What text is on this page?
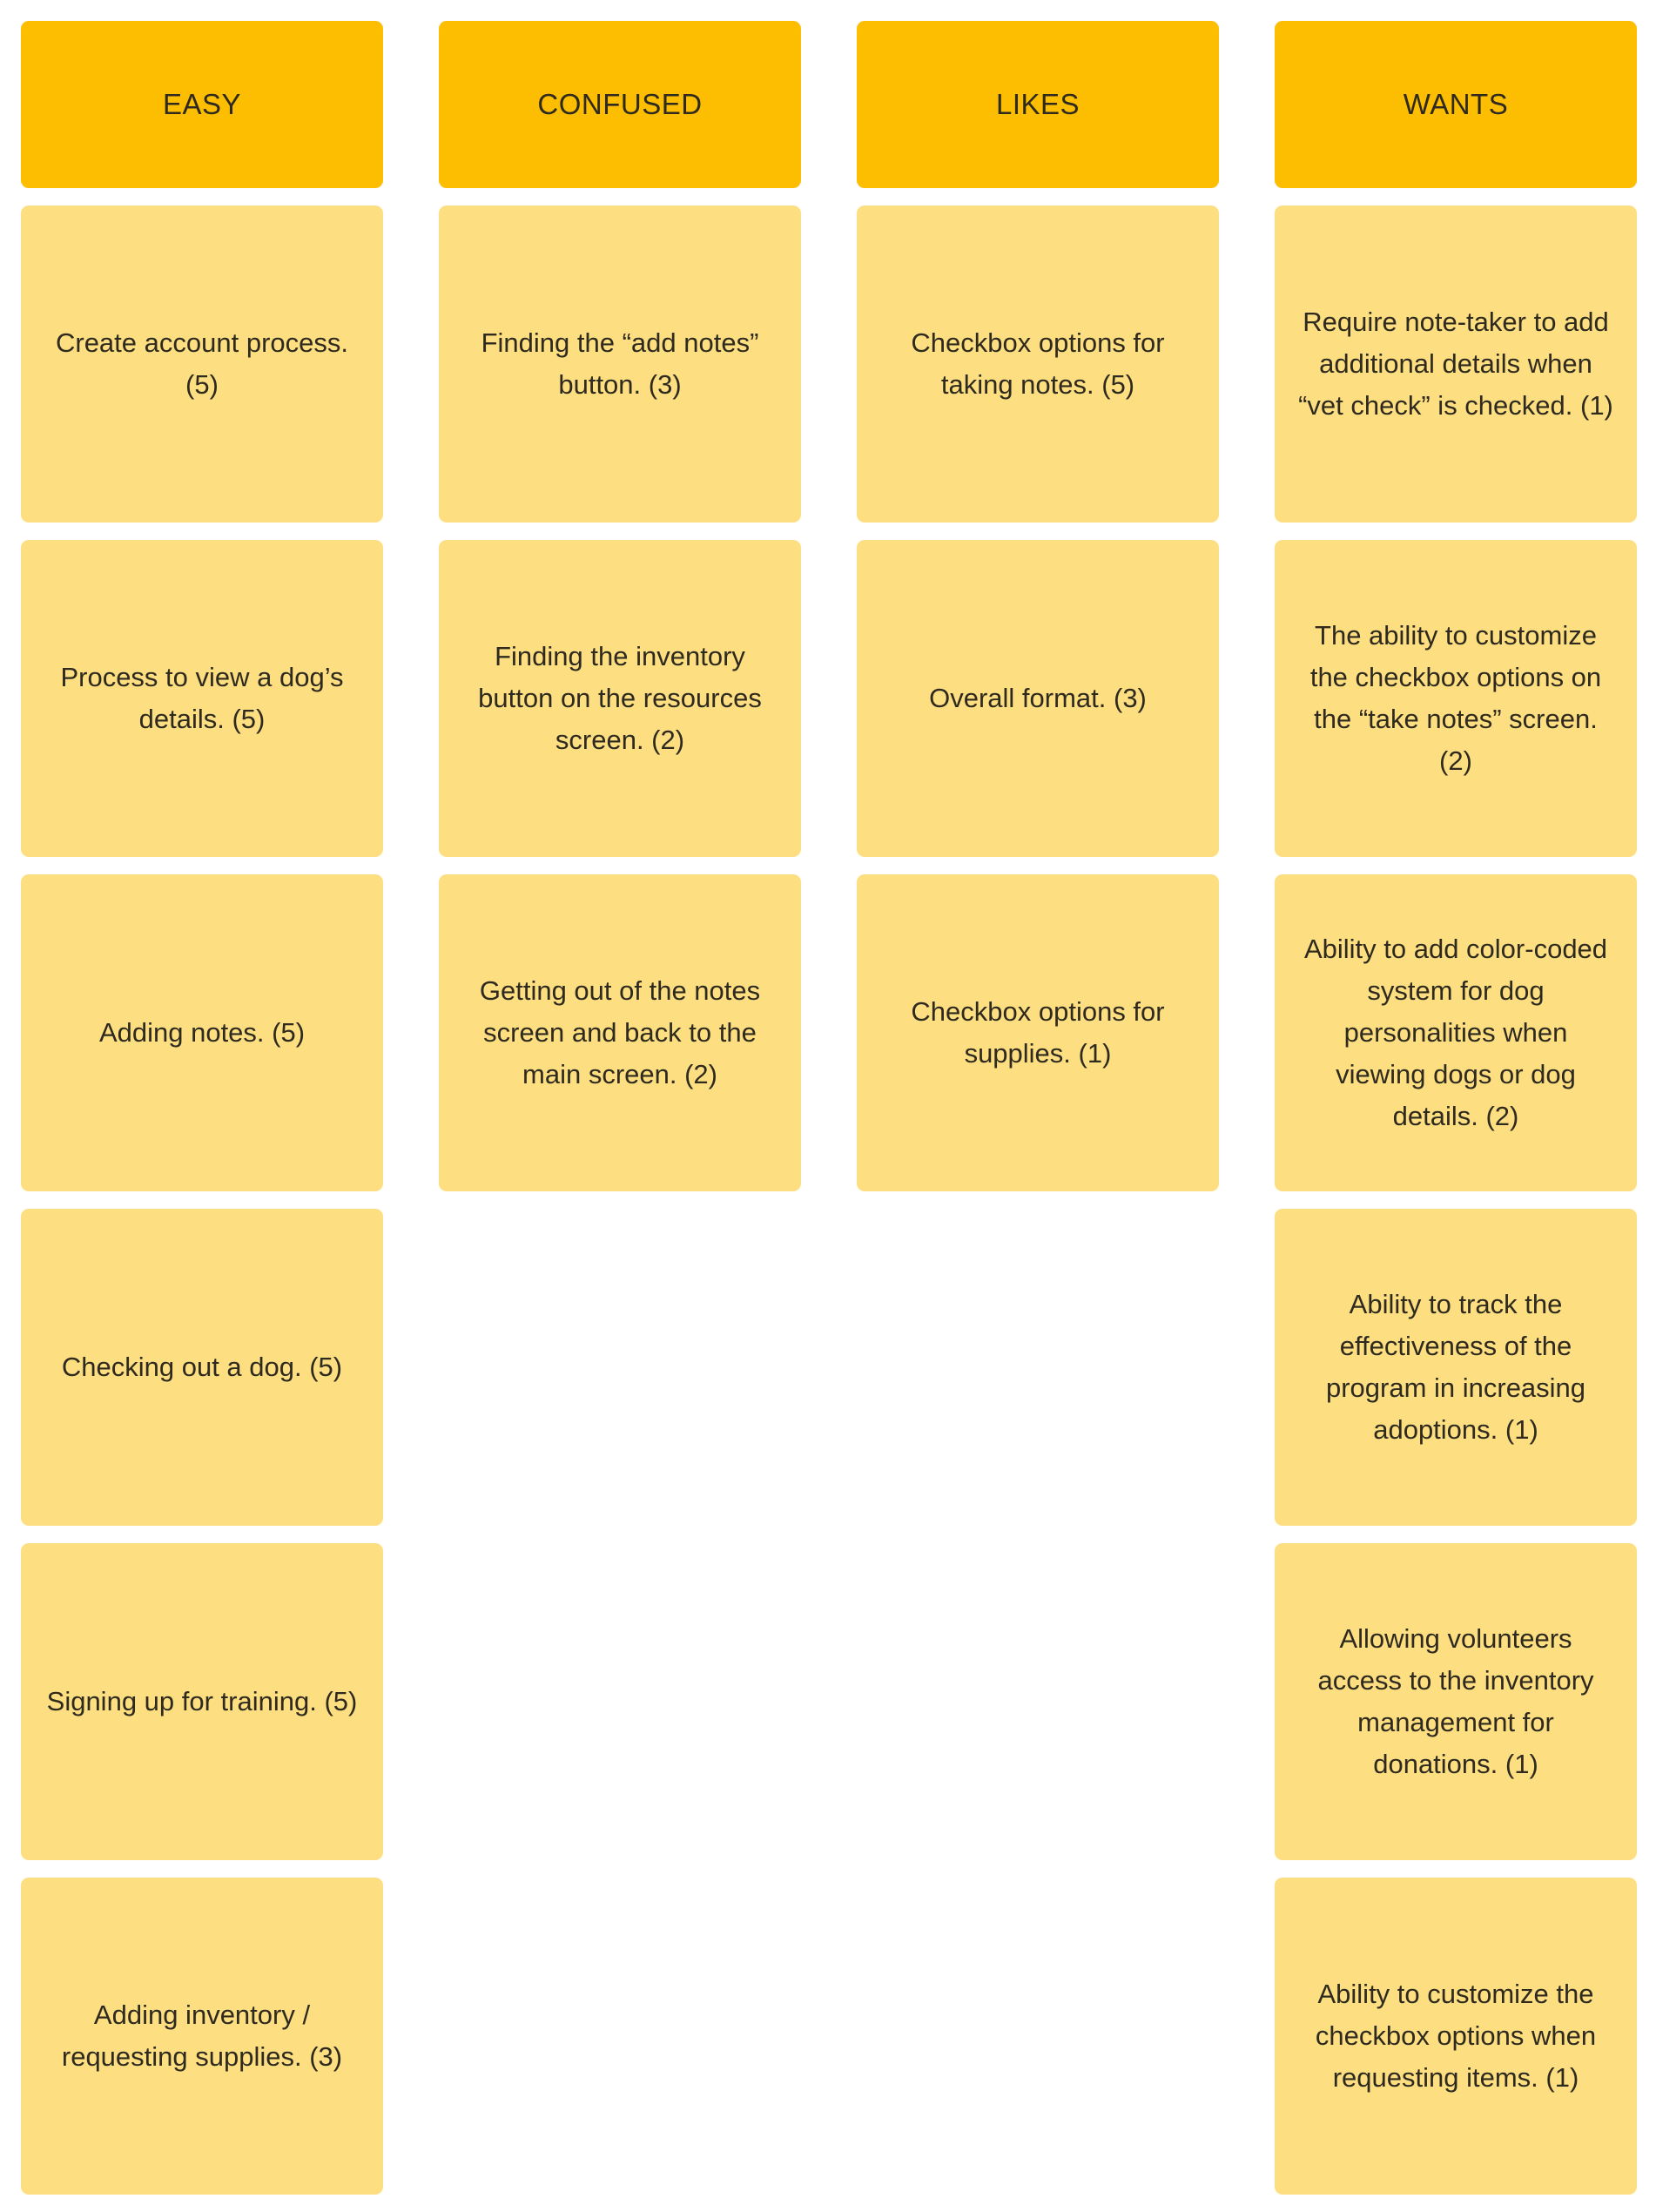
EASY
Create account process. (5)
Process to view a dog’s details. (5)
Adding notes. (5)
Checking out a dog. (5)
Signing up for training. (5)
Adding inventory / requesting supplies. (3)
CONFUSED
Finding the “add notes” button. (3)
Finding the inventory button on the resources screen. (2)
Getting out of the notes screen and back to the main screen. (2)
LIKES
Checkbox options for taking notes. (5)
Overall format. (3)
Checkbox options for supplies. (1)
WANTS
Require note-taker to add additional details when “vet check” is checked. (1)
The ability to customize the checkbox options on the “take notes” screen. (2)
Ability to add color-coded system for dog personalities when viewing dogs or dog details. (2)
Ability to track the effectiveness of the program in increasing adoptions. (1)
Allowing volunteers access to the inventory management for donations. (1)
Ability to customize the checkbox options when requesting items. (1)
